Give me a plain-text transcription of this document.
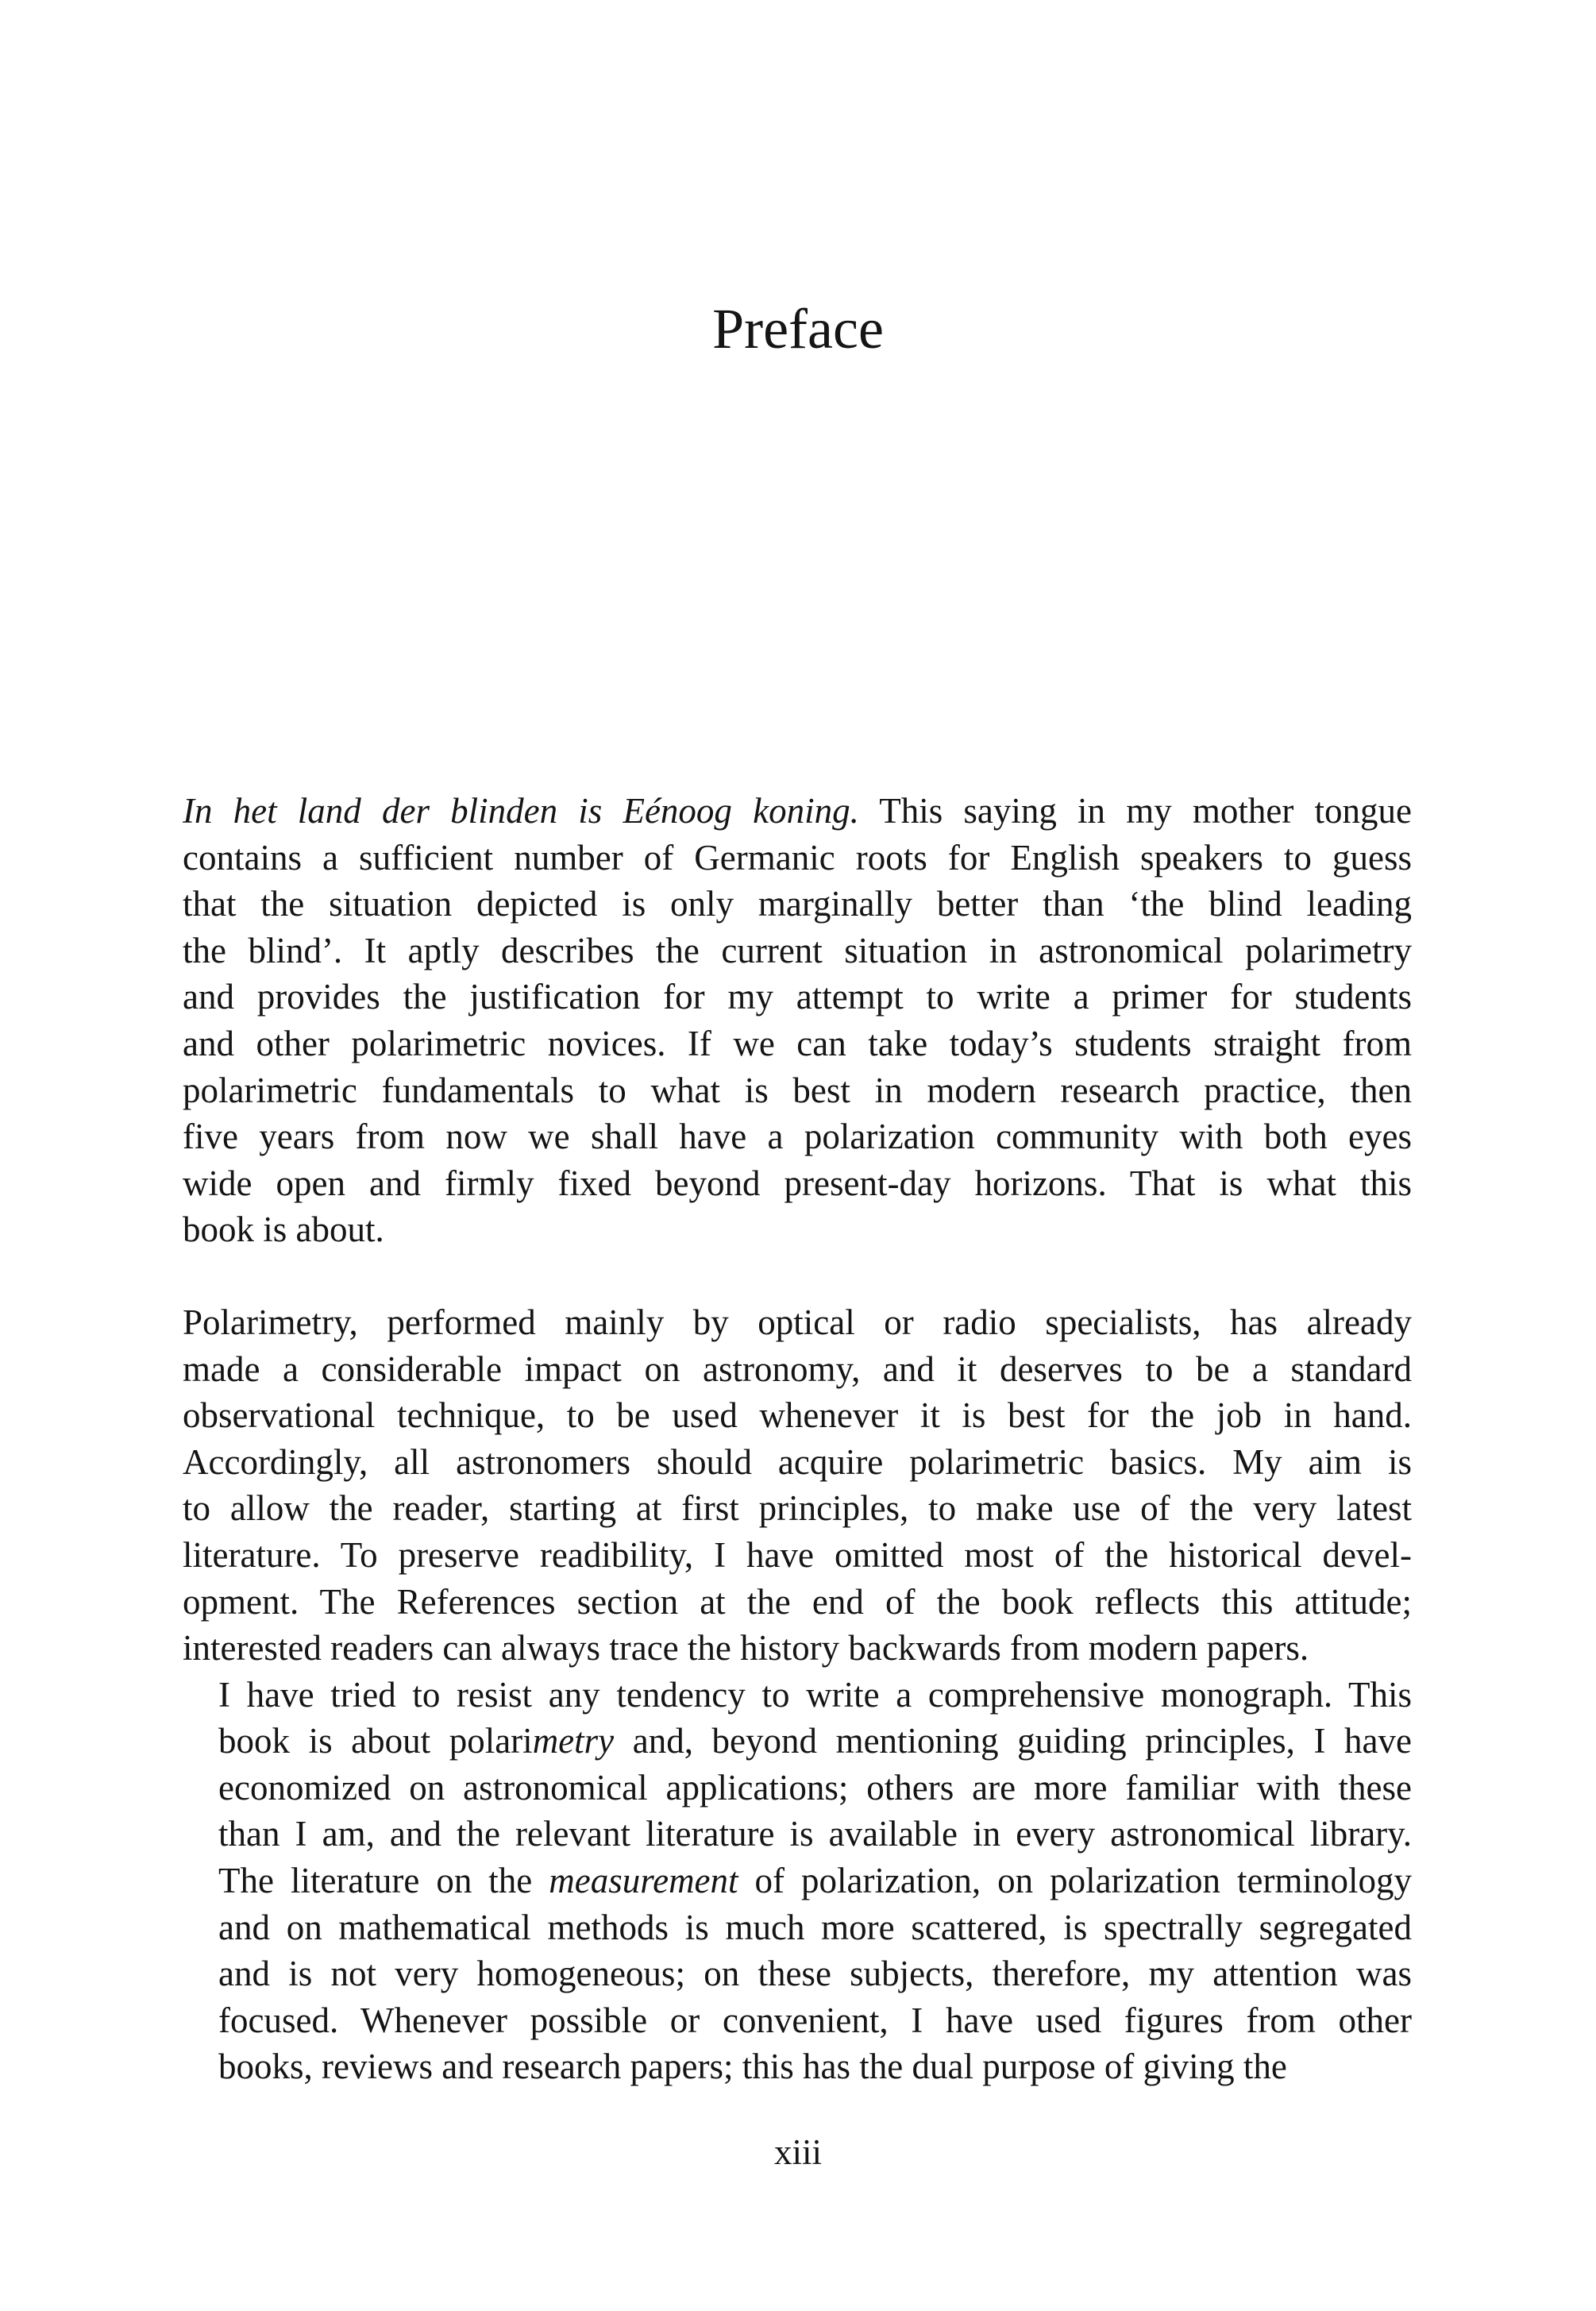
Preface

In het land der blinden is Eénoog koning. This saying in my mother tongue
contains a sufficient number of Germanic roots for English speakers to guess
that the situation depicted is only marginally better than ‘the blind leading
the blind’. It aptly describes the current situation in astronomical polarimetry
and provides the justification for my attempt to write a primer for students
and other polarimetric novices. If we can take today’s students straight from
polarimetric fundamentals to what is best in modern research practice, then
five years from now we shall have a polarization community with both eyes
wide open and firmly fixed beyond present-day horizons. That is what this
book is about.

Polarimetry, performed mainly by optical or radio specialists, has already
made a considerable impact on astronomy, and it deserves to be a standard
observational technique, to be used whenever it is best for the job in hand.
Accordingly, all astronomers should acquire polarimetric basics. My aim is
to allow the reader, starting at first principles, to make use of the very latest
literature. To preserve readibility, I have omitted most of the historical devel-
opment. The References section at the end of the book reflects this attitude;
interested readers can always trace the history backwards from modern papers.

I have tried to resist any tendency to write a comprehensive monograph. This
book is about polarimetry and, beyond mentioning guiding principles, I have
economized on astronomical applications; others are more familiar with these
than I am, and the relevant literature is available in every astronomical library.
The literature on the measurement of polarization, on polarization terminology
and on mathematical methods is much more scattered, is spectrally segregated
and is not very homogeneous; on these subjects, therefore, my attention was
focused. Whenever possible or convenient, I have used figures from other
books, reviews and research papers; this has the dual purpose of giving the

xiii
